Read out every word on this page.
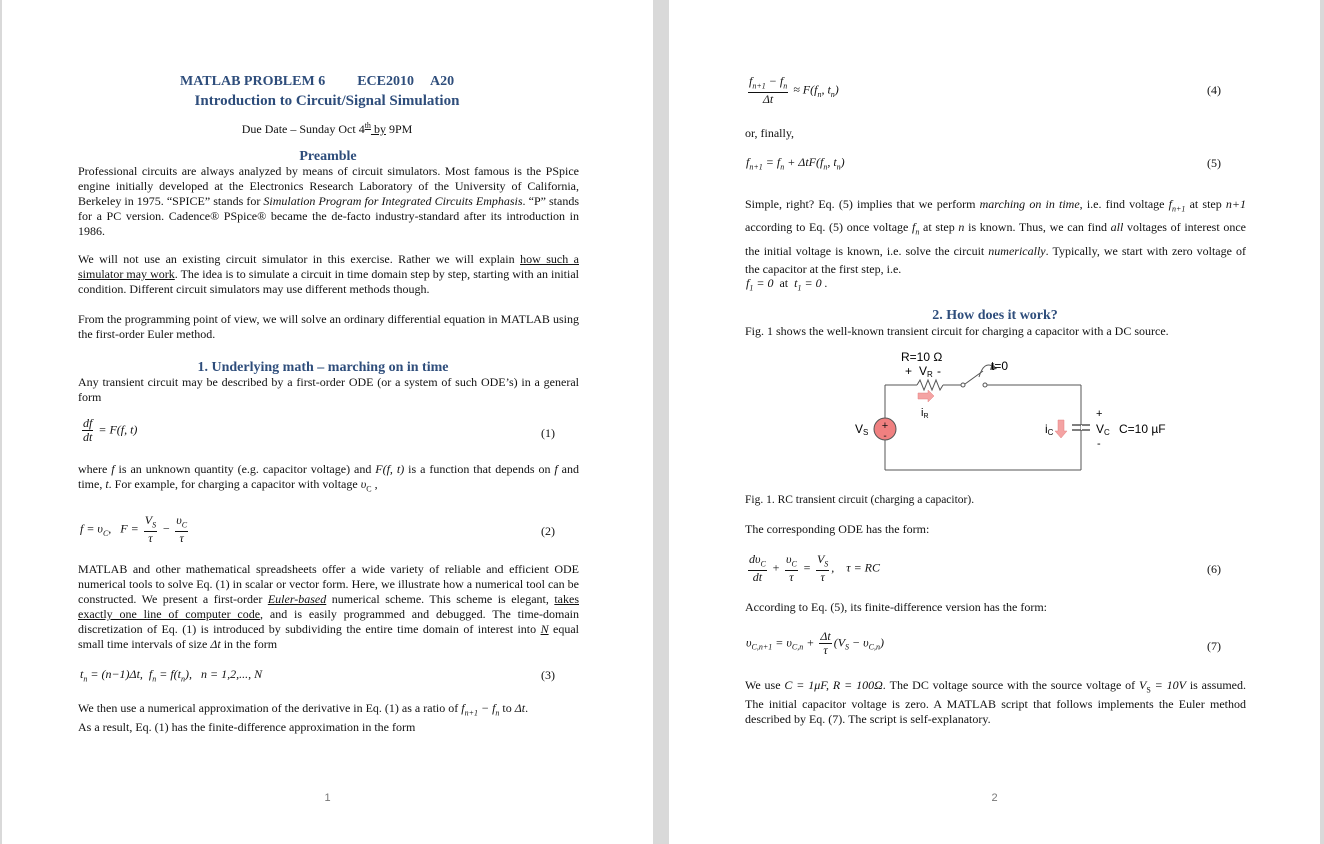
MATLAB PROBLEM 6 ECE2010 A20
Introduction to Circuit/Signal Simulation
Due Date – Sunday Oct 4th by 9PM
Preamble
Professional circuits are always analyzed by means of circuit simulators. Most famous is the PSpice engine initially developed at the Electronics Research Laboratory of the University of California, Berkeley in 1975. “SPICE” stands for Simulation Program for Integrated Circuits Emphasis. “P” stands for a PC version. Cadence® PSpice® became the de-facto industry-standard after its introduction in 1986.
We will not use an existing circuit simulator in this exercise. Rather we will explain how such a simulator may work. The idea is to simulate a circuit in time domain step by step, starting with an initial condition. Different circuit simulators may use different methods though.
From the programming point of view, we will solve an ordinary differential equation in MATLAB using the first-order Euler method.
1. Underlying math – marching on in time
Any transient circuit may be described by a first-order ODE (or a system of such ODE’s) in a general form
$\frac{df}{dt} = F(f$, t)	(1)
where f is an unknown quantity (e.g. capacitor voltage) and F(f, t) is a function that depends on f and time, t. For example, for charging a capacitor with voltage $\upsilon_C$ ,
$f = \upsilon_C$,   $F = \frac{V_S}{\tau} - \frac{\upsilon_C}{\tau}$	(2)
MATLAB and other mathematical spreadsheets offer a wide variety of reliable and efficient ODE numerical tools to solve Eq. (1) in scalar or vector form. Here, we illustrate how a numerical tool can be constructed. We present a first-order Euler-based numerical scheme. This scheme is elegant, takes exactly one line of computer code, and is easily programmed and debugged. The time-domain discretization of Eq. (1) is introduced by subdividing the entire time domain of interest into N equal small time intervals of size Δt in the form
$t_n = (n-1)\Delta t$,  $f_n = f(t_n)$,   n = 1,2,..., N	(3)
We then use a numerical approximation of the derivative in Eq. (1) as a ratio of $f_{n+1} - f_n$ to Δt.
As a result, Eq. (1) has the finite-difference approximation in the form
1
$\frac{f_{n+1} - f_n}{\Delta t} \approx F(f_n$, $t_n$)	(4)
or, finally,
$f_{n+1} = f_n + \Delta tF(f_n$, $t_n$)	(5)
Simple, right? Eq. (5) implies that we perform marching on in time, i.e. find voltage $f_{n+1}$ at step n+1 according to Eq. (5) once voltage $f_n$ at step n is known. Thus, we can find all voltages of interest once the initial voltage is known, i.e. solve the circuit numerically. Typically, we start with zero voltage of the capacitor at the first step, i.e.
$f_1 = 0$  at  $t_1 = 0$ .
2. How does it work?
Fig. 1 shows the well-known transient circuit for charging a capacitor with a DC source.
+
-
R=10 Ω
+ VR -	t=0
iR
VS	iC
+
VC C=10 µF
-
Fig. 1. RC transient circuit (charging a capacitor).
The corresponding ODE has the form:
$d\upsilon_C$
dt
+ $\frac{\upsilon_C}{\tau} = \frac{V_S}{\tau}$ ,    τ = RC	(6)
According to Eq. (5), its finite-difference version has the form:
$\upsilon_{C,n+1} = \upsilon_{C,n} + \frac{\Delta t}{\tau} (V_S - \upsilon_{C,n})$	(7)
We use C = 1μF, R = 100Ω. The DC voltage source with the source voltage of $V_S = 10V$ is assumed. The initial capacitor voltage is zero. A MATLAB script that follows implements the Euler method described by Eq. (7). The script is self-explanatory.
2
